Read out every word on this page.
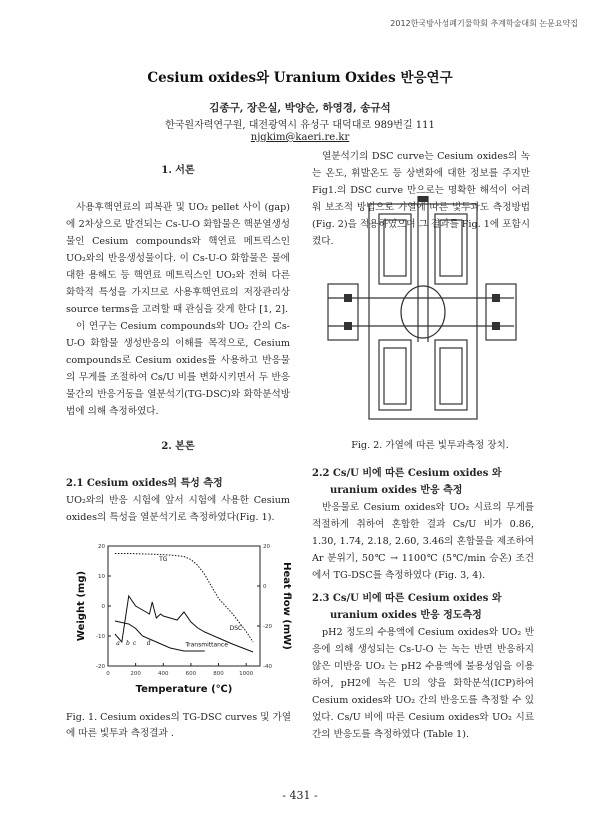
2012한국방사성폐기물학회 추계학술대회 논문요약집
Cesium oxides와 Uranium Oxides 반응연구
김종구, 장은실, 박양순, 하영경, 송규석
한국원자력연구원, 대전광역시 유성구 대덕대로 989번길 111
njgkim@kaeri.re.kr
1. 서론

사용후핵연료의 피복관 및 UO₂ pellet 사이 (gap)에 2차상으로 발견되는 Cs-U-O 화합물은 핵분열생성물인 Cesium compounds와 핵연료 메트릭스인 UO₂와의 반응생성물이다. 이 Cs-U-O 화합물은 물에 대한 용해도 등 핵연료 메트릭스인 UO₂와 전혀 다른 화학적 특성을 가지므로 사용후핵연료의 저장관리상 source terms을 고려할 때 관심을 갖게 한다 [1, 2].

이 연구는 Cesium compounds와 UO₂ 간의 Cs-U-O 화합물 생성반응의 이해를 목적으로, Cesium compounds로 Cesium oxides를 사용하고 반응물의 무게를 조절하여 Cs/U 비를 변화시키면서 두 반응물간의 반응거동을 열분석기(TG-DSC)와 화학분석방법에 의해 측정하였다.

2. 본론
2.1 Cesium oxides의 특성 측정

UO₂와의 반응 시험에 앞서 시험에 사용한 Cesium oxides의 특성을 열분석기로 측정하였다(Fig. 1).

0	200	400	600	800	1000
-20
-10
0
10
20
-40
-20
0
20
TG
DSC
Transmittance
a b c d
Temperature (℃)
Weight (mg)	Heat flow (mW)
Fig. 1. Cesium oxides의 TG-DSC curves 및 가열에 따른 빛투과 측정결과 .

열분석기의 DSC curve는 Cesium oxides의 녹는 온도, 휘발온도 등 상변화에 대한 정보를 주지만 Fig1.의 DSC curve 만으로는 명확한 해석이 어려워 보조적 방법으로 가열에 따른 빛투과도 측정방법(Fig. 2)을 적용하였으며 그 결과를 Fig. 1에 포함시켰다.

Fig. 2. 가열에 따른 빛투과측정 장치.
2.2 Cs/U 비에 따른 Cesium oxides 와
uranium oxides 반응 측정

반응물로 Cesium oxides와 UO₂ 시료의 무게를 적절하게 취하여 혼합한 결과 Cs/U 비가 0.86, 1.30, 1.74, 2.18, 2.60, 3.46의 혼합물을 제조하여 Ar 분위기, 50℃ → 1100℃ (5℃/min 승온) 조건에서 TG-DSC를 측정하였다 (Fig. 3, 4).

2.3 Cs/U 비에 따른 Cesium oxides 와
uranium oxides 반응 정도측정

pH2 정도의 수용액에 Cesium oxides와 UO₂ 반응에 의해 생성되는 Cs-U-O 는 녹는 반면 반응하지 않은 미반응 UO₂ 는 pH2 수용액에 불용성임을 이용하여, pH2에 녹은 U의 양을 화학분석(ICP)하여 Cesium oxides와 UO₂ 간의 반응도를 측정할 수 있었다. Cs/U 비에 따른 Cesium oxides와 UO₂ 시료간의 반응도를 측정하였다 (Table 1).

- 431 -
